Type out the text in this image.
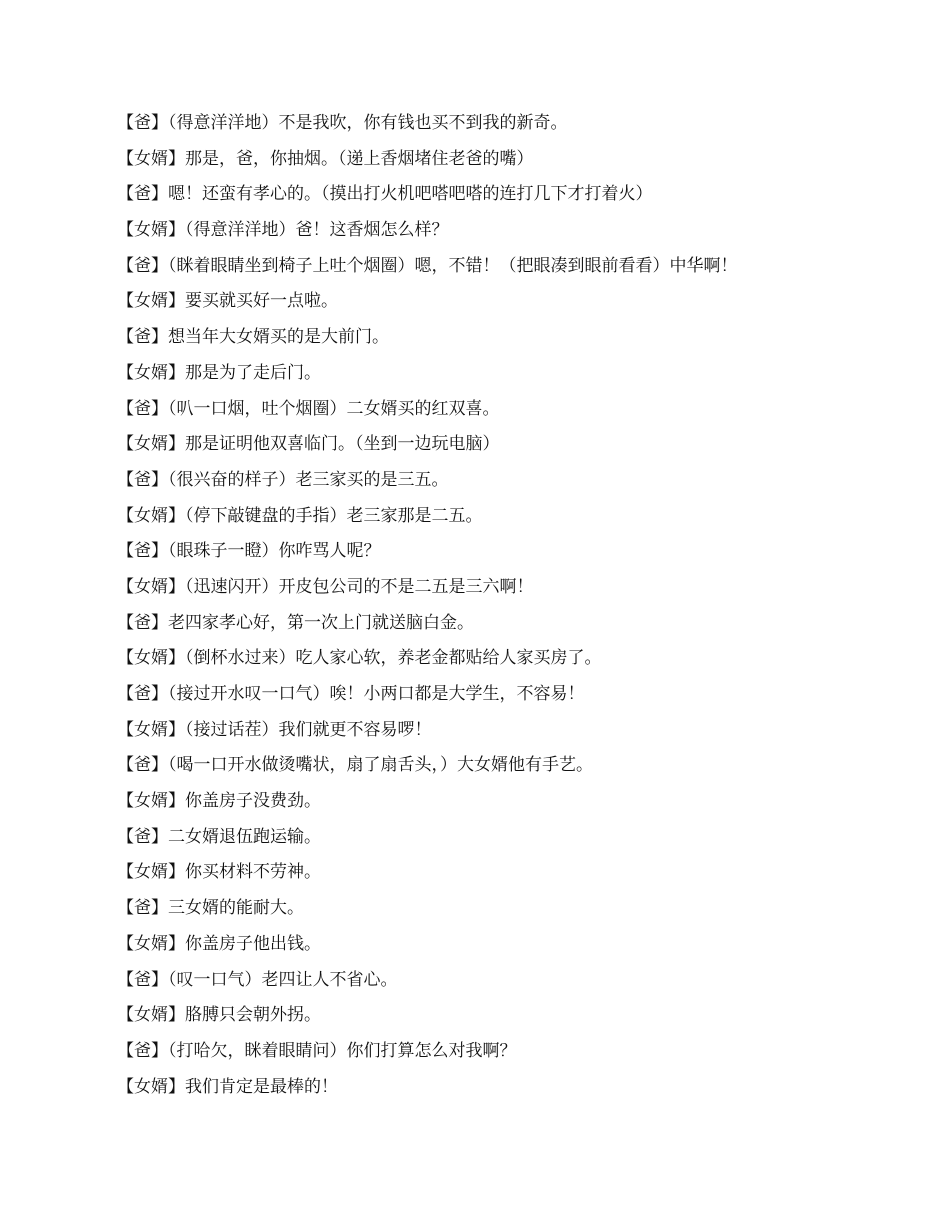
【爸】（得意洋洋地）不是我吹，你有钱也买不到我的新奇。
【女婿】那是，爸，你抽烟。（递上香烟堵住老爸的嘴）
【爸】嗯！还蛮有孝心的。（摸出打火机吧嗒吧嗒的连打几下才打着火）
【女婿】（得意洋洋地）爸！这香烟怎么样？
【爸】（眯着眼睛坐到椅子上吐个烟圈）嗯，不错！（把眼凑到眼前看看）中华啊！
【女婿】要买就买好一点啦。
【爸】想当年大女婿买的是大前门。
【女婿】那是为了走后门。
【爸】（叭一口烟，吐个烟圈）二女婿买的红双喜。
【女婿】那是证明他双喜临门。（坐到一边玩电脑）
【爸】（很兴奋的样子）老三家买的是三五。
【女婿】（停下敲键盘的手指）老三家那是二五。
【爸】（眼珠子一瞪）你咋骂人呢？
【女婿】（迅速闪开）开皮包公司的不是二五是三六啊！
【爸】老四家孝心好，第一次上门就送脑白金。
【女婿】（倒杯水过来）吃人家心软，养老金都贴给人家买房了。
【爸】（接过开水叹一口气）唉！小两口都是大学生，不容易！
【女婿】（接过话茬）我们就更不容易啰！
【爸】（喝一口开水做烫嘴状，扇了扇舌头，）大女婿他有手艺。
【女婿】你盖房子没费劲。
【爸】二女婿退伍跑运输。
【女婿】你买材料不劳神。
【爸】三女婿的能耐大。
【女婿】你盖房子他出钱。
【爸】（叹一口气）老四让人不省心。
【女婿】胳膊只会朝外拐。
【爸】（打哈欠，眯着眼睛问）你们打算怎么对我啊？
【女婿】我们肯定是最棒的！
